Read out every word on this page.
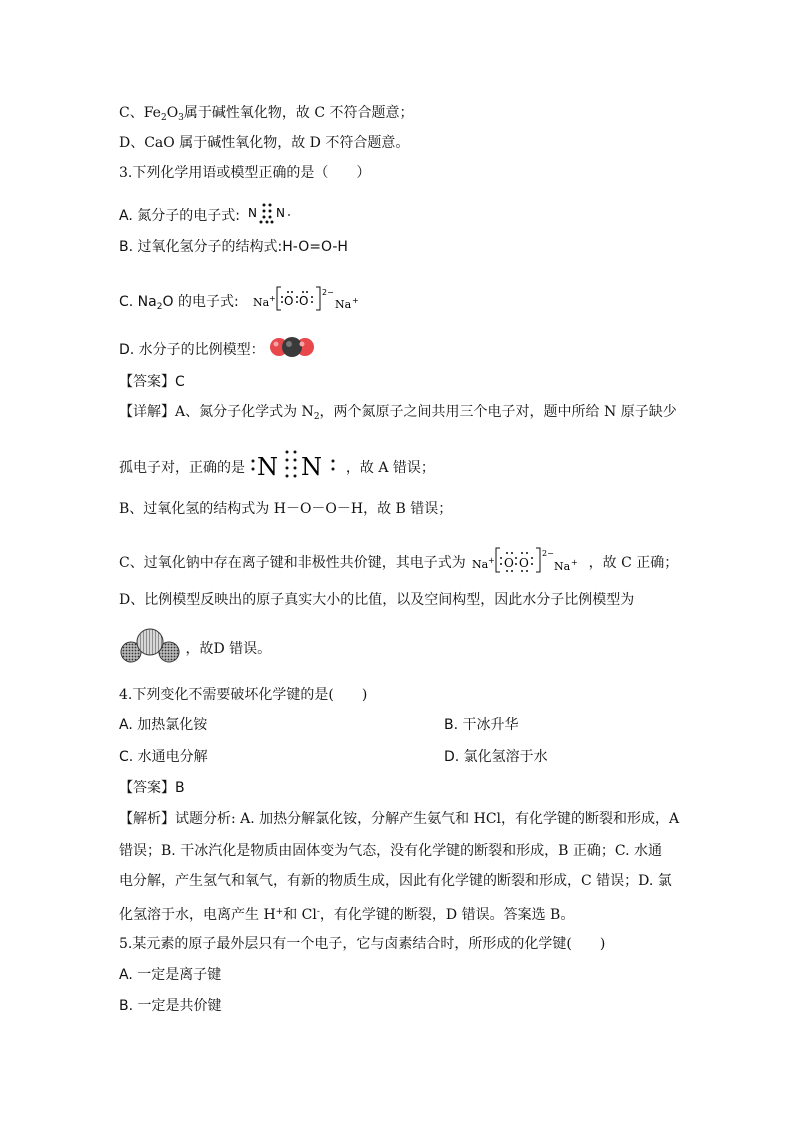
C、$Fe_2O_3$属于碱性氧化物，故 C 不符合题意；
D、CaO 属于碱性氧化物，故 D 不符合题意。
3.下列化学用语或模型正确的是（　　）
A. 氮分子的电子式: N N
B. 过氧化氢分子的结构式:H-O=O-H
C. $Na_2O$ 的电子式: Na + O O
2−
Na +
D. 水分子的比例模型：
【答案】C
【详解】A、氮分子化学式为 $N_2$，两个氮原子之间共用三个电子对，题中所给 N 原子缺少
孤电子对，正确的是 N N ，故 A 错误；
B、过氧化氢的结构式为 H－O－O－H，故 B 错误；
C、过氧化钠中存在离子键和非极性共价键，其电子式为 Na + O O
2−
Na + ，故 C 正确；
D、比例模型反映出的原子真实大小的比值，以及空间构型，因此水分子比例模型为
，故D 错误。
4.下列变化不需要破坏化学键的是(　　)
A. 加热氯化铵	B. 干冰升华
C. 水通电分解	D. 氯化氢溶于水
【答案】B
【解析】试题分析: A. 加热分解氯化铵，分解产生氨气和 HCl，有化学键的断裂和形成，A
错误；B. 干冰汽化是物质由固体变为气态，没有化学键的断裂和形成，B 正确；C. 水通
电分解，产生氢气和氧气，有新的物质生成，因此有化学键的断裂和形成，C 错误；D. 氯
化氢溶于水，电离产生 H+和 Cl-，有化学键的断裂，D 错误。答案选 B。
5.某元素的原子最外层只有一个电子，它与卤素结合时，所形成的化学键(　　)
A. 一定是离子键
B. 一定是共价键
